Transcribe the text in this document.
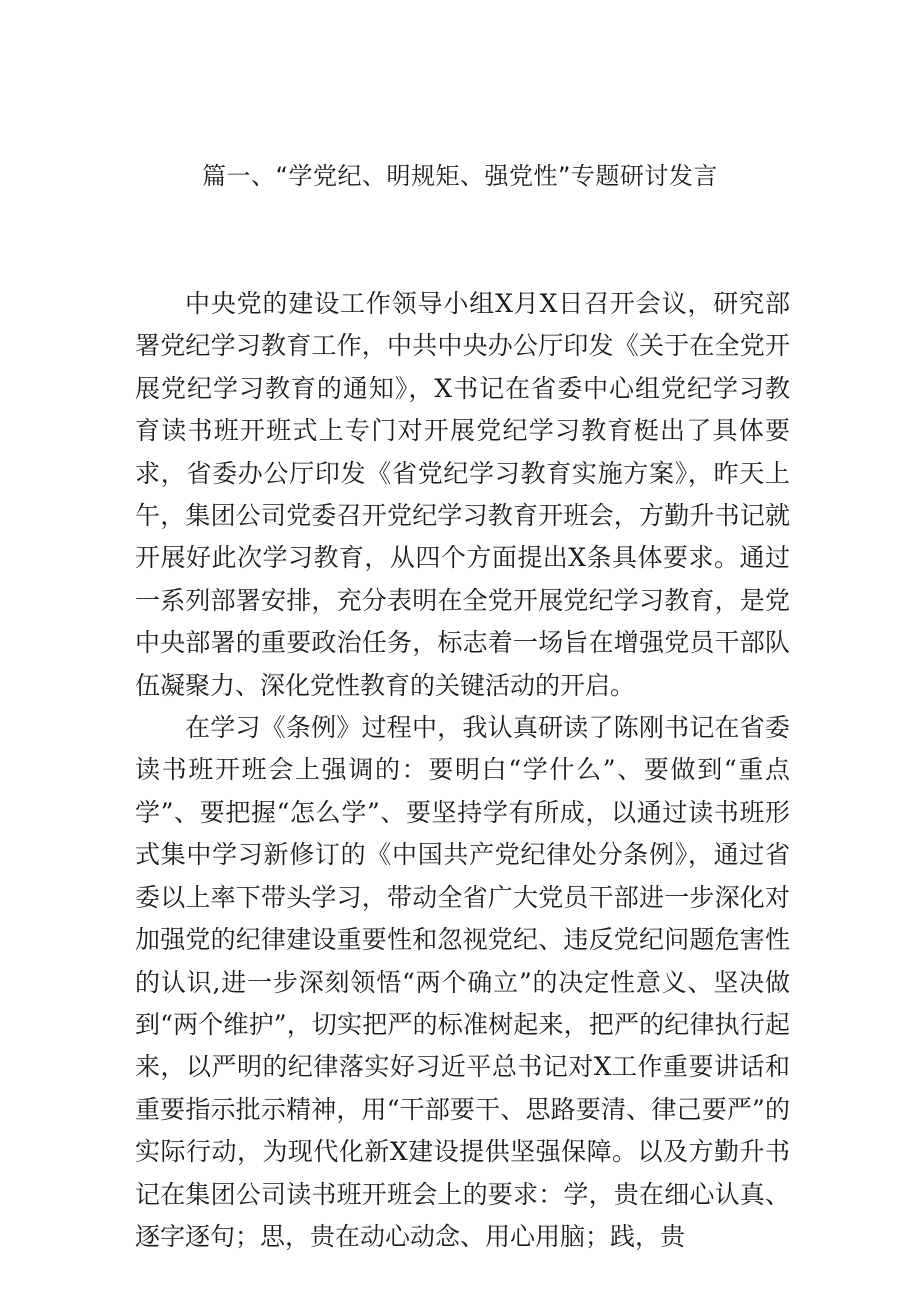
篇一、“学党纪、明规矩、强党性”专题研讨发言

中央党的建设工作领导小组X月X日召开会议，研究部署党纪学习教育工作，中共中央办公厅印发《关于在全党开展党纪学习教育的通知》，X书记在省委中心组党纪学习教育读书班开班式上专门对开展党纪学习教育梃出了具体要求，省委办公厅印发《省党纪学习教育实施方案》，昨天上午，集团公司党委召开党纪学习教育开班会，方勤升书记就开展好此次学习教育，从四个方面提出X条具体要求。通过一系列部署安排，充分表明在全党开展党纪学习教育，是党中央部署的重要政治任务，标志着一场旨在增强党员干部队伍凝聚力、深化党性教育的关键活动的开启。

在学习《条例》过程中，我认真研读了陈刚书记在省委读书班开班会上强调的：要明白“学什么”、要做到“重点学”、要把握“怎么学”、要坚持学有所成，以通过读书班形式集中学习新修订的《中国共产党纪律处分条例》，通过省委以上率下带头学习，带动全省广大党员干部进一步深化对加强党的纪律建设重要性和忽视党纪、违反党纪问题危害性的认识,进一步深刻领悟“两个确立”的决定性意义、坚决做到“两个维护”，切实把严的标准树起来，把严的纪律执行起来，以严明的纪律落实好习近平总书记对X工作重要讲话和重要指示批示精神，用“干部要干、思路要清、律己要严”的实际行动，为现代化新X建设提供坚强保障。以及方勤升书记在集团公司读书班开班会上的要求：学，贵在细心认真、逐字逐句；思，贵在动心动念、用心用脑；践，贵
